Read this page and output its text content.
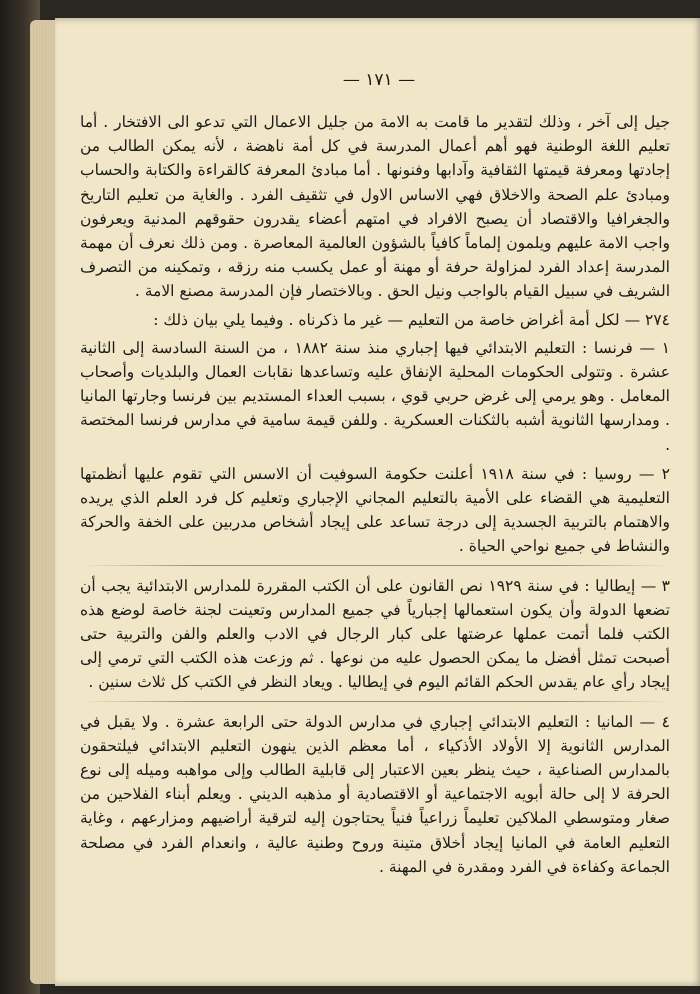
— ١٧١ —

جيل إلى آخر ، وذلك لتقدير ما قامت به الامة من جليل الاعمال التي تدعو الى الافتخار . أما تعليم اللغة الوطنية فهو أهم أعمال المدرسة في كل أمة ناهضة ، لأنه يمكن الطالب من إجادتها ومعرفة قيمتها الثقافية وآدابها وفنونها . أما مبادئ المعرفة كالقراءة والكتابة والحساب ومبادئ علم الصحة والاخلاق فهي الاساس الاول في تثقيف الفرد . والغاية من تعليم التاريخ والجغرافيا والاقتصاد أن يصبح الافراد في امتهم أعضاء يقدرون حقوقهم المدنية ويعرفون واجب الامة عليهم ويلمون إلماماً كافياً بالشؤون العالمية المعاصرة . ومن ذلك نعرف أن مهمة المدرسة إعداد الفرد لمزاولة حرفة أو مهنة أو عمل يكسب منه رزقه ، وتمكينه من التصرف الشريف في سبيل القيام بالواجب ونيل الحق . وبالاختصار فإن المدرسة مصنع الامة .

٢٧٤ — لكل أمة أغراض خاصة من التعليم — غير ما ذكرناه . وفيما يلي بيان ذلك :

١ — فرنسا : التعليم الابتدائي فيها إجباري منذ سنة ١٨٨٢ ، من السنة السادسة إلى الثانية عشرة . وتتولى الحكومات المحلية الإنفاق عليه وتساعدها نقابات العمال والبلديات وأصحاب المعامل . وهو يرمي إلى غرض حربي قوي ، بسبب العداء المستديم بين فرنسا وجارتها المانيا . ومدارسها الثانوية أشبه بالثكنات العسكرية . وللفن قيمة سامية في مدارس فرنسا المختصة .

٢ — روسيا : في سنة ١٩١٨ أعلنت حكومة السوفيت أن الاسس التي تقوم عليها أنظمتها التعليمية هي القضاء على الأمية بالتعليم المجاني الإجباري وتعليم كل فرد العلم الذي يريده والاهتمام بالتربية الجسدية إلى درجة تساعد على إيجاد أشخاص مدربين على الخفة والحركة والنشاط في جميع نواحي الحياة .

٣ — إيطاليا : في سنة ١٩٢٩ نص القانون على أن الكتب المقررة للمدارس الابتدائية يجب أن تضعها الدولة وأن يكون استعمالها إجبارياً في جميع المدارس وتعينت لجنة خاصة لوضع هذه الكتب فلما أتمت عملها عرضتها على كبار الرجال في الادب والعلم والفن والتربية حتى أصبحت تمثل أفضل ما يمكن الحصول عليه من نوعها . ثم وزعت هذه الكتب التي ترمي إلى إيجاد رأي عام يقدس الحكم القائم اليوم في إيطاليا . ويعاد النظر في الكتب كل ثلاث سنين .

٤ — المانيا : التعليم الابتدائي إجباري في مدارس الدولة حتى الرابعة عشرة . ولا يقبل في المدارس الثانوية إلا الأولاد الأذكياء ، أما معظم الذين ينهون التعليم الابتدائي فيلتحقون بالمدارس الصناعية ، حيث ينظر بعين الاعتبار إلى قابلية الطالب وإلى مواهبه وميله إلى نوع الحرفة لا إلى حالة أبويه الاجتماعية أو الاقتصادية أو مذهبه الديني . ويعلم أبناء الفلاحين من صغار ومتوسطي الملاكين تعليماً زراعياً فنياً يحتاجون إليه لترقية أراضيهم ومزارعهم ، وغاية التعليم العامة في المانيا إيجاد أخلاق متينة وروح وطنية عالية ، وانعدام الفرد في مصلحة الجماعة وكفاءة في الفرد ومقدرة في المهنة .
